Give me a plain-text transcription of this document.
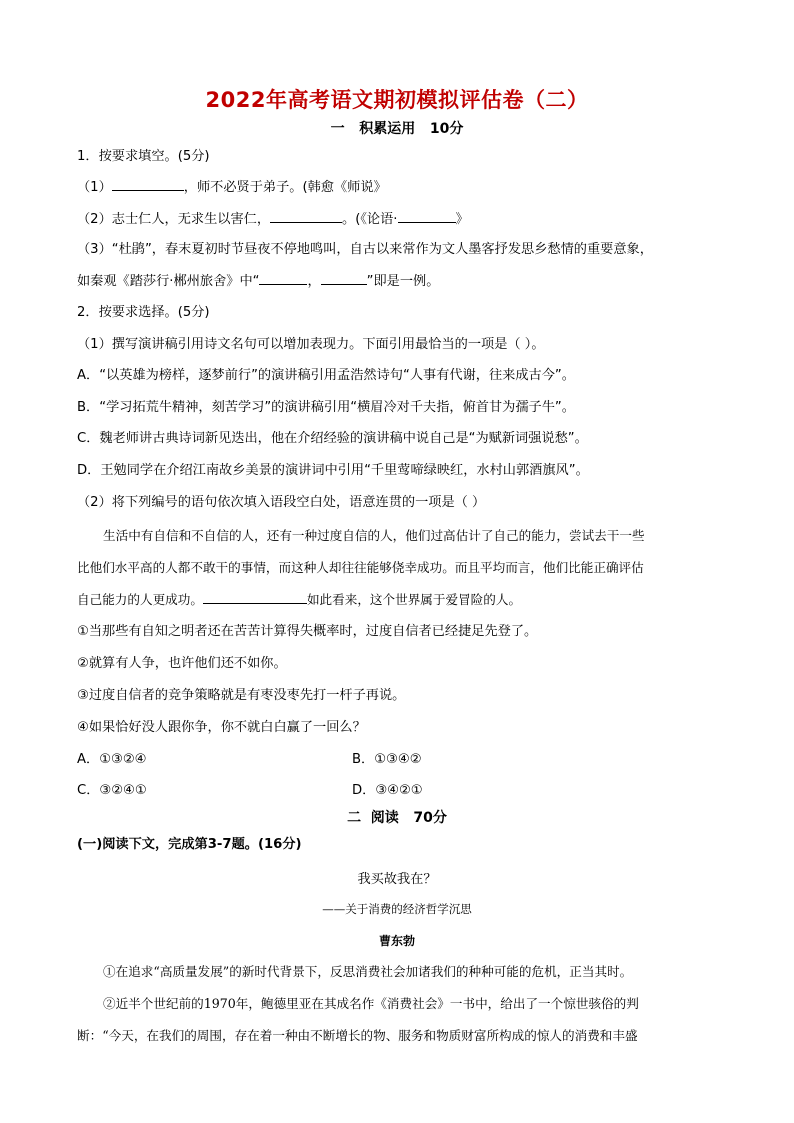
2022年高考语文期初模拟评估卷（二）
一   积累运用   10分
1．按要求填空。(5分)
（1）	，师不必贤于弟子。(韩愈《师说》
（2）志士仁人，无求生以害仁，	。(《论语·	》
（3）“杜鹃”，春末夏初时节昼夜不停地鸣叫，自古以来常作为文人墨客抒发思乡愁情的重要意象，
如秦观《踏莎行·郴州旅舍》中“	，	”即是一例。
2．按要求选择。(5分)
（1）撰写演讲稿引用诗文名句可以增加表现力。下面引用最恰当的一项是（ ）。
A．“以英雄为榜样，逐梦前行”的演讲稿引用孟浩然诗句“人事有代谢，往来成古今”。
B．“学习拓荒牛精神，刻苦学习”的演讲稿引用“横眉冷对千夫指，俯首甘为孺子牛”。
C．魏老师讲古典诗词新见迭出，他在介绍经验的演讲稿中说自己是“为赋新词强说愁”。
D．王勉同学在介绍江南故乡美景的演讲词中引用“千里莺啼绿映红，水村山郭酒旗风”。
（2）将下列编号的语句依次填入语段空白处，语意连贯的一项是（ ）
生活中有自信和不自信的人，还有一种过度自信的人，他们过高估计了自己的能力，尝试去干一些
比他们水平高的人都不敢干的事情，而这种人却往往能够侥幸成功。而且平均而言，他们比能正确评估
自己能力的人更成功。	如此看来，这个世界属于爱冒险的人。
①当那些有自知之明者还在苦苦计算得失概率时，过度自信者已经捷足先登了。
②就算有人争，也许他们还不如你。
③过度自信者的竞争策略就是有枣没枣先打一杆子再说。
④如果恰好没人跟你争，你不就白白赢了一回么？
A．①③②④	B．①③④②
C．③②④①	D．③④②①
二  阅读   70分
(一)阅读下文，完成第3-7题。(16分)
我买故我在？
——关于消费的经济哲学沉思
曹东勃
①在追求“高质量发展”的新时代背景下，反思消费社会加诸我们的种种可能的危机，正当其时。
②近半个世纪前的1970年，鲍德里亚在其成名作《消费社会》一书中，给出了一个惊世骇俗的判
断：“今天，在我们的周围，存在着一种由不断增长的物、服务和物质财富所构成的惊人的消费和丰盛
